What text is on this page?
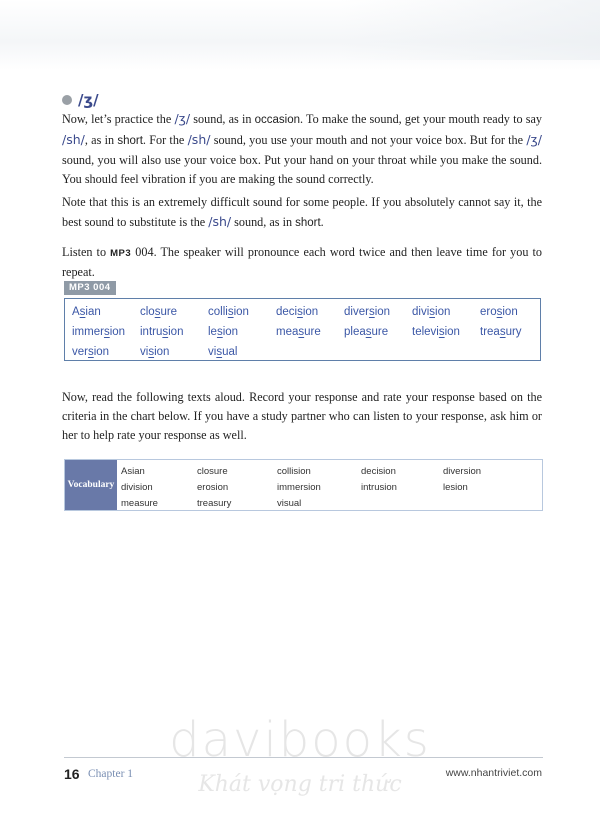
/ʒ/
Now, let’s practice the /ʒ/ sound, as in occasion. To make the sound, get your mouth ready to say /sh/, as in short. For the /sh/ sound, you use your mouth and not your voice box. But for the /ʒ/ sound, you will also use your voice box. Put your hand on your throat while you make the sound. You should feel vibration if you are making the sound correctly.
Note that this is an extremely difficult sound for some people. If you absolutely cannot say it, the best sound to substitute is the /sh/ sound, as in short.
Listen to MP3 004. The speaker will pronounce each word twice and then leave time for you to repeat.
MP3 004
Asian	closure	collision decision diversion division	erosion
immersion intrusion lesion	measure pleasure television treasury
version	vision	visual
Now, read the following texts aloud. Record your response and rate your response based on the criteria in the chart below. If you have a study partner who can listen to your response, ask him or her to help rate your response as well.
Vocabulary
Asian	closure	collision	decision	diversion
division	erosion	immersion	intrusion	lesion
measure	treasury	visual
davibooks
Khát vọng tri thức
16 Chapter 1	www.nhantriviet.com
